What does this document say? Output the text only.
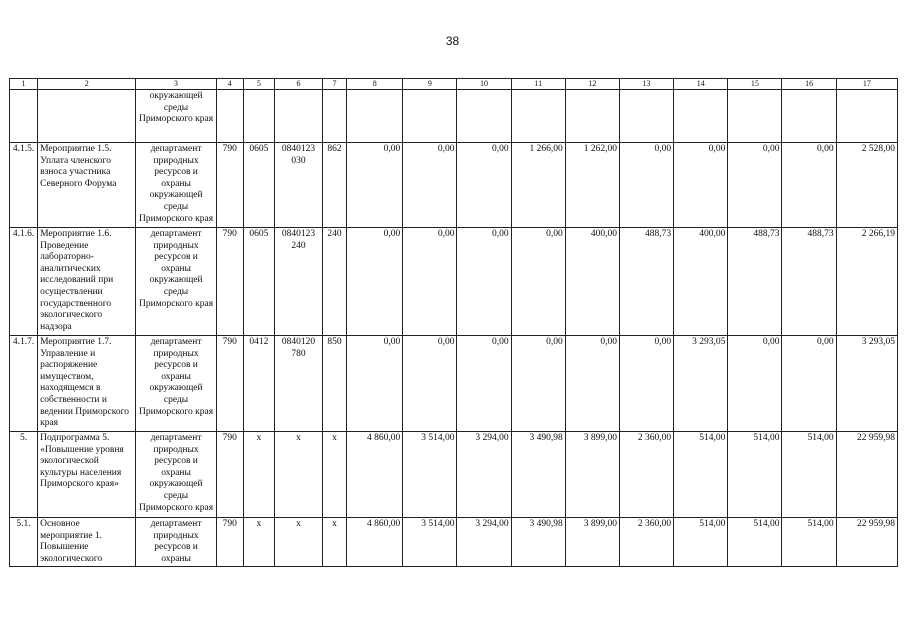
38
1	2	3	4	5	6	7	8	9	10	11	12	13	14	15	16	17
		окружающей среды Приморского края														
4.1.5.	Мероприятие 1.5. Уплата членского взноса участника Северного Форума	департамент природных ресурсов и охраны окружающей среды Приморского края	790	0605	0840123 030	862	0,00	0,00	0,00	1 266,00	1 262,00	0,00	0,00	0,00	0,00	2 528,00
4.1.6.	Мероприятие 1.6. Проведение лабораторно-аналитических исследований при осуществлении государственного экологического надзора	департамент природных ресурсов и охраны окружающей среды Приморского края	790	0605	0840123 240	240	0,00	0,00	0,00	0,00	400,00	488,73	400,00	488,73	488,73	2 266,19
4.1.7.	Мероприятие 1.7. Управление и распоряжение имуществом, находящемся в собственности и ведении Приморского края	департамент природных ресурсов и охраны окружающей среды Приморского края	790	0412	0840120 780	850	0,00	0,00	0,00	0,00	0,00	0,00	3 293,05	0,00	0,00	3 293,05
5.	Подпрограмма 5. «Повышение уровня экологической культуры населения Приморского края»	департамент природных ресурсов и охраны окружающей среды Приморского края	790	х	х	х	4 860,00	3 514,00	3 294,00	3 490,98	3 899,00	2 360,00	514,00	514,00	514,00	22 959,98
5.1.	Основное мероприятие 1. Повышение экологического	департамент природных ресурсов и охраны	790	х	х	х	4 860,00	3 514,00	3 294,00	3 490,98	3 899,00	2 360,00	514,00	514,00	514,00	22 959,98
